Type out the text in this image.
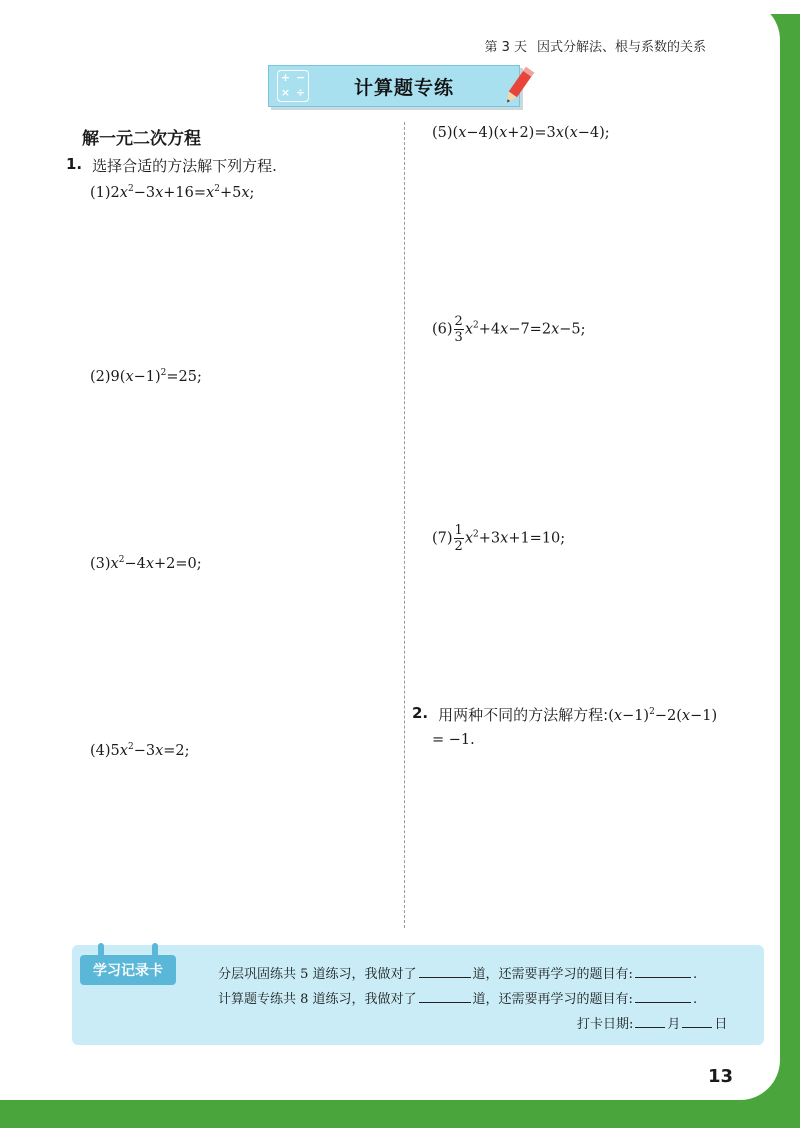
第 3 天 因式分解法、根与系数的关系
+ −
× ÷	计算题专练
解一元二次方程
1. 选择合适的方法解下列方程.
$(1)2x^2-3x+16=x^2+5x$;
$(2)9(x-1)^2=25$;
$(3)x^2-4x+2=0$;
$(4)5x^2-3x=2$;
(5)(x−4)(x+2)=3x(x−4);
$(6) \frac{2}{3} x^2+4x-7=2x-5$;
$(7) \frac{1}{2} x^2+3x+1=10$;
2. 用两种不同的方法解方程$:(x-1)^2-2(x-1)$
= −1.
学习记录卡	分层巩固练共 5 道练习，我做对了	道，还需要再学习的题目有:	.
计算题专练共 8 道练习，我做对了	道，还需要再学习的题目有:	.
打卡日期:	月	日
13
